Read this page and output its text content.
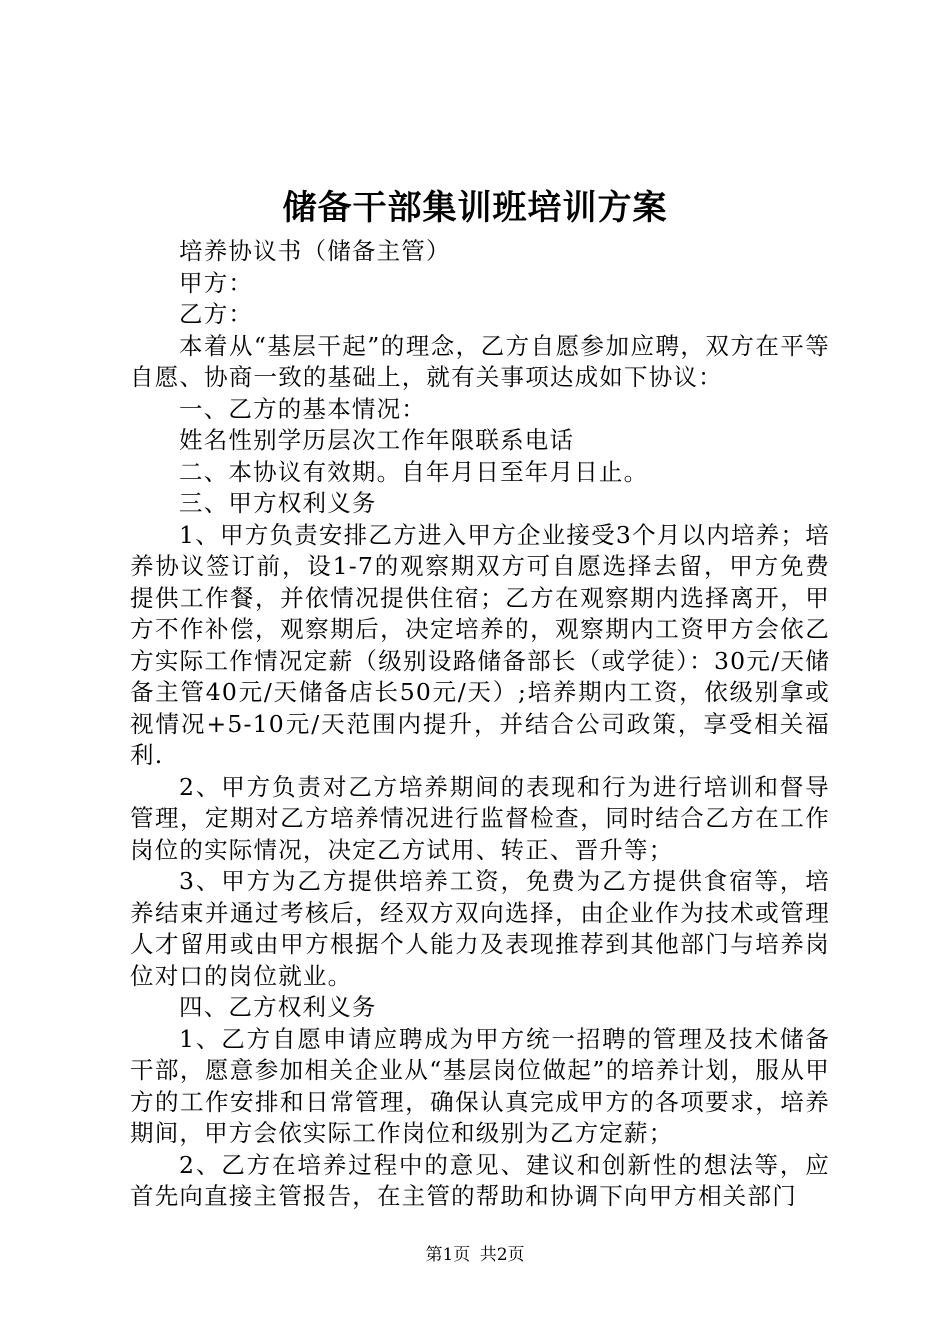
储备干部集训班培训方案

培养协议书（储备主管）

甲方：

乙方：

本着从“基层干起”的理念，乙方自愿参加应聘，双方在平等自愿、协商一致的基础上，就有关事项达成如下协议：

一、乙方的基本情况：

姓名性别学历层次工作年限联系电话

二、本协议有效期。自年月日至年月日止。

三、甲方权利义务

1、甲方负责安排乙方进入甲方企业接受3个月以内培养；培养协议签订前，设1-7的观察期双方可自愿选择去留，甲方免费提供工作餐，并依情况提供住宿；乙方在观察期内选择离开，甲方不作补偿，观察期后，决定培养的，观察期内工资甲方会依乙方实际工作情况定薪（级别设路储备部长（或学徒）：30元/天储备主管40元/天储备店长50元/天）;培养期内工资，依级别拿或视情况+5-10元/天范围内提升，并结合公司政策，享受相关福利.

2、甲方负责对乙方培养期间的表现和行为进行培训和督导管理，定期对乙方培养情况进行监督检查，同时结合乙方在工作岗位的实际情况，决定乙方试用、转正、晋升等；

3、甲方为乙方提供培养工资，免费为乙方提供食宿等，培养结束并通过考核后，经双方双向选择，由企业作为技术或管理人才留用或由甲方根据个人能力及表现推荐到其他部门与培养岗位对口的岗位就业。

四、乙方权利义务

1、乙方自愿申请应聘成为甲方统一招聘的管理及技术储备干部，愿意参加相关企业从“基层岗位做起”的培养计划，服从甲方的工作安排和日常管理，确保认真完成甲方的各项要求，培养期间，甲方会依实际工作岗位和级别为乙方定薪；

2、乙方在培养过程中的意见、建议和创新性的想法等，应首先向直接主管报告，在主管的帮助和协调下向甲方相关部门

第1页 共2页
